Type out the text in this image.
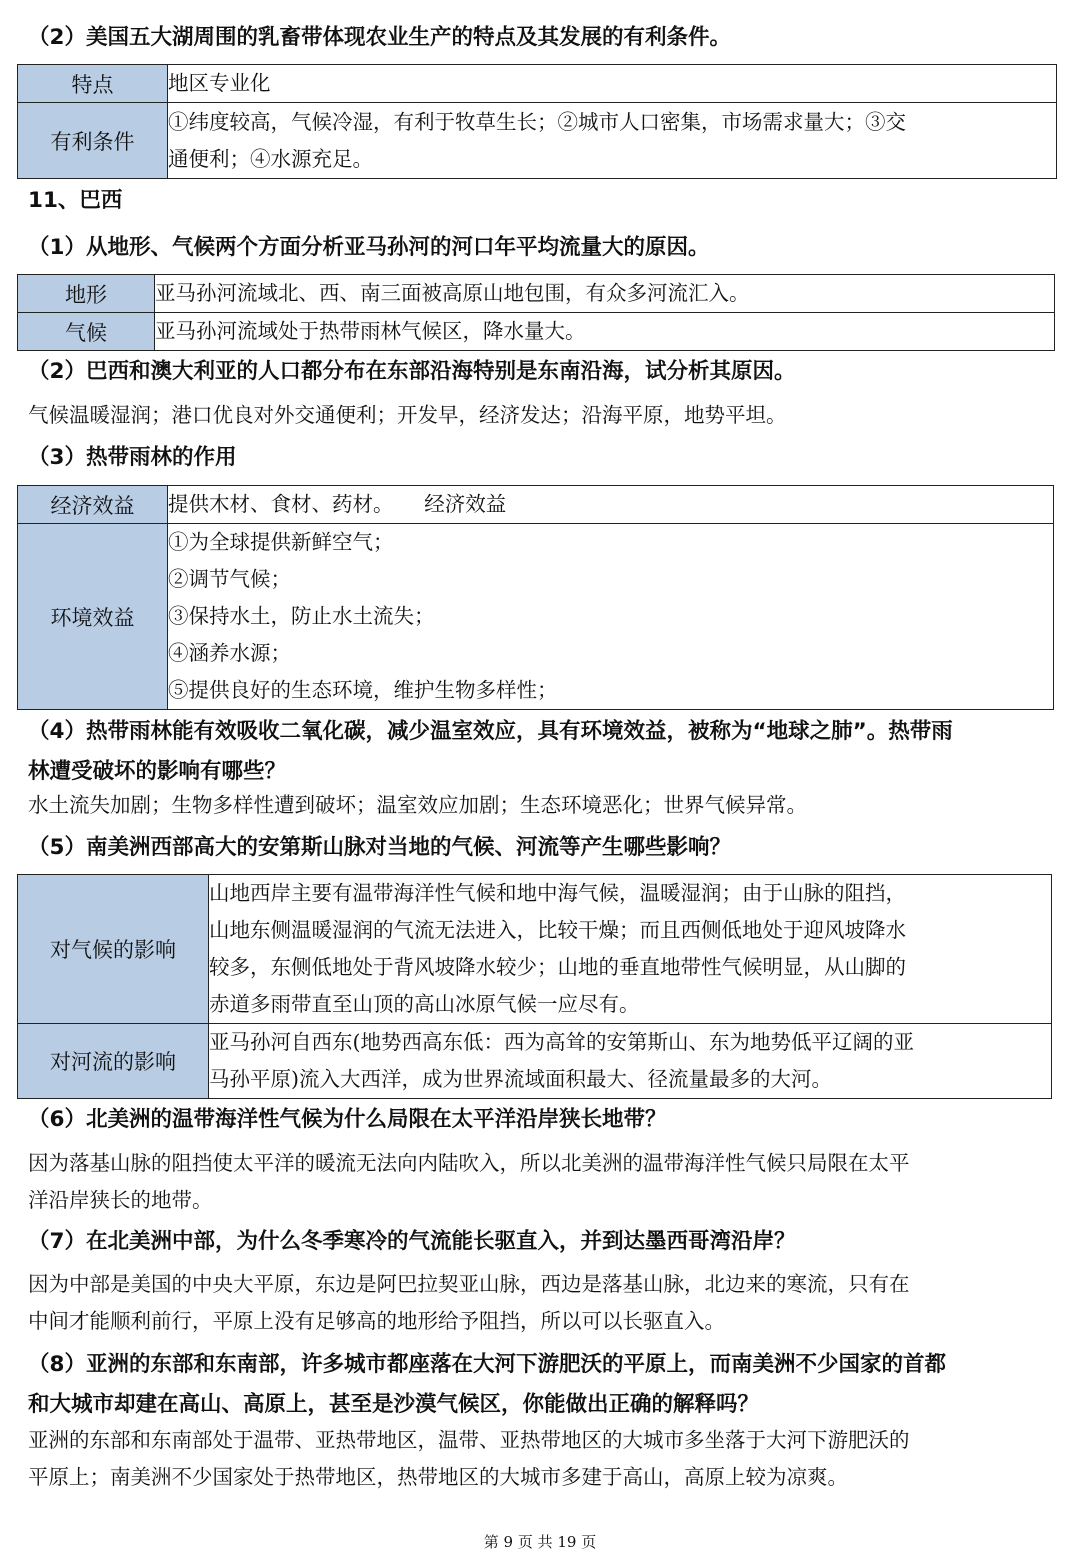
（2）美国五大湖周围的乳畜带体现农业生产的特点及其发展的有利条件。
特点	地区专业化

有利条件	①纬度较高，气候冷湿，有利于牧草生长；②城市人口密集，市场需求量大；③交
通便利；④水源充足。
11、巴西
（1）从地形、气候两个方面分析亚马孙河的河口年平均流量大的原因。
地形	亚马孙河流域北、西、南三面被高原山地包围，有众多河流汇入。

气候	亚马孙河流域处于热带雨林气候区，降水量大。
（2）巴西和澳大利亚的人口都分布在东部沿海特别是东南沿海，试分析其原因。
气候温暖湿润；港口优良对外交通便利；开发早，经济发达；沿海平原，地势平坦。
（3）热带雨林的作用
经济效益	提供木材、食材、药材。　　经济效益

环境效益	①为全球提供新鲜空气；
②调节气候；
③保持水土，防止水土流失；
④涵养水源；
⑤提供良好的生态环境，维护生物多样性；
（4）热带雨林能有效吸收二氧化碳，减少温室效应，具有环境效益，被称为“地球之肺”。热带雨
林遭受破坏的影响有哪些？
水土流失加剧；生物多样性遭到破坏；温室效应加剧；生态环境恶化；世界气候异常。
（5）南美洲西部高大的安第斯山脉对当地的气候、河流等产生哪些影响？
对气候的影响	山地西岸主要有温带海洋性气候和地中海气候，温暖湿润；由于山脉的阻挡，
山地东侧温暖湿润的气流无法进入，比较干燥；而且西侧低地处于迎风坡降水
较多，东侧低地处于背风坡降水较少；山地的垂直地带性气候明显，从山脚的
赤道多雨带直至山顶的高山冰原气候一应尽有。

对河流的影响	亚马孙河自西东(地势西高东低：西为高耸的安第斯山、东为地势低平辽阔的亚
马孙平原)流入大西洋，成为世界流域面积最大、径流量最多的大河。
（6）北美洲的温带海洋性气候为什么局限在太平洋沿岸狭长地带？
因为落基山脉的阻挡使太平洋的暖流无法向内陆吹入，所以北美洲的温带海洋性气候只局限在太平
洋沿岸狭长的地带。
（7）在北美洲中部，为什么冬季寒冷的气流能长驱直入，并到达墨西哥湾沿岸？
因为中部是美国的中央大平原，东边是阿巴拉契亚山脉，西边是落基山脉，北边来的寒流，只有在
中间才能顺利前行，平原上没有足够高的地形给予阻挡，所以可以长驱直入。
（8）亚洲的东部和东南部，许多城市都座落在大河下游肥沃的平原上，而南美洲不少国家的首都
和大城市却建在高山、高原上，甚至是沙漠气候区，你能做出正确的解释吗？
亚洲的东部和东南部处于温带、亚热带地区，温带、亚热带地区的大城市多坐落于大河下游肥沃的
平原上；南美洲不少国家处于热带地区，热带地区的大城市多建于高山，高原上较为凉爽。
第 9 页 共 19 页
